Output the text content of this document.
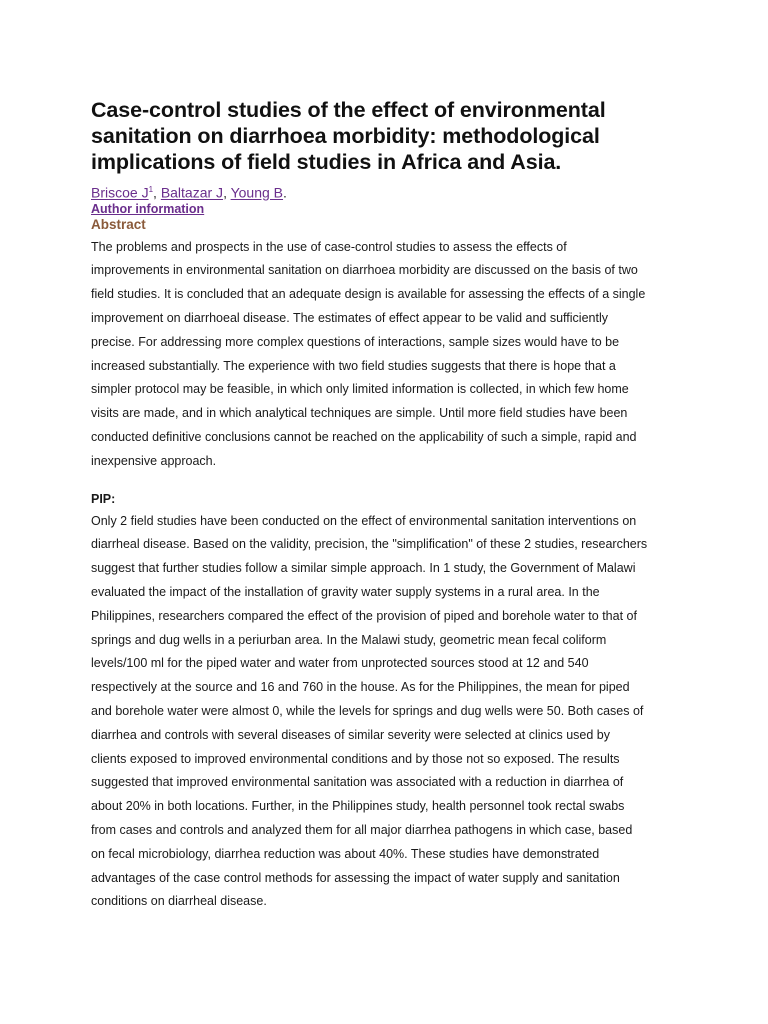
Case-control studies of the effect of environmental
sanitation on diarrhoea morbidity: methodological
implications of field studies in Africa and Asia.
Briscoe $J^1$, Baltazar J, Young B.
Author information
Abstract

The problems and prospects in the use of case-control studies to assess the effects of
improvements in environmental sanitation on diarrhoea morbidity are discussed on the basis of two
field studies. It is concluded that an adequate design is available for assessing the effects of a single
improvement on diarrhoeal disease. The estimates of effect appear to be valid and sufficiently
precise. For addressing more complex questions of interactions, sample sizes would have to be
increased substantially. The experience with two field studies suggests that there is hope that a
simpler protocol may be feasible, in which only limited information is collected, in which few home
visits are made, and in which analytical techniques are simple. Until more field studies have been
conducted definitive conclusions cannot be reached on the applicability of such a simple, rapid and
inexpensive approach.

PIP:

Only 2 field studies have been conducted on the effect of environmental sanitation interventions on
diarrheal disease. Based on the validity, precision, the "simplification" of these 2 studies, researchers
suggest that further studies follow a similar simple approach. In 1 study, the Government of Malawi
evaluated the impact of the installation of gravity water supply systems in a rural area. In the
Philippines, researchers compared the effect of the provision of piped and borehole water to that of
springs and dug wells in a periurban area. In the Malawi study, geometric mean fecal coliform
levels/100 ml for the piped water and water from unprotected sources stood at 12 and 540
respectively at the source and 16 and 760 in the house. As for the Philippines, the mean for piped
and borehole water were almost 0, while the levels for springs and dug wells were 50. Both cases of
diarrhea and controls with several diseases of similar severity were selected at clinics used by
clients exposed to improved environmental conditions and by those not so exposed. The results
suggested that improved environmental sanitation was associated with a reduction in diarrhea of
about 20% in both locations. Further, in the Philippines study, health personnel took rectal swabs
from cases and controls and analyzed them for all major diarrhea pathogens in which case, based
on fecal microbiology, diarrhea reduction was about 40%. These studies have demonstrated
advantages of the case control methods for assessing the impact of water supply and sanitation
conditions on diarrheal disease.
